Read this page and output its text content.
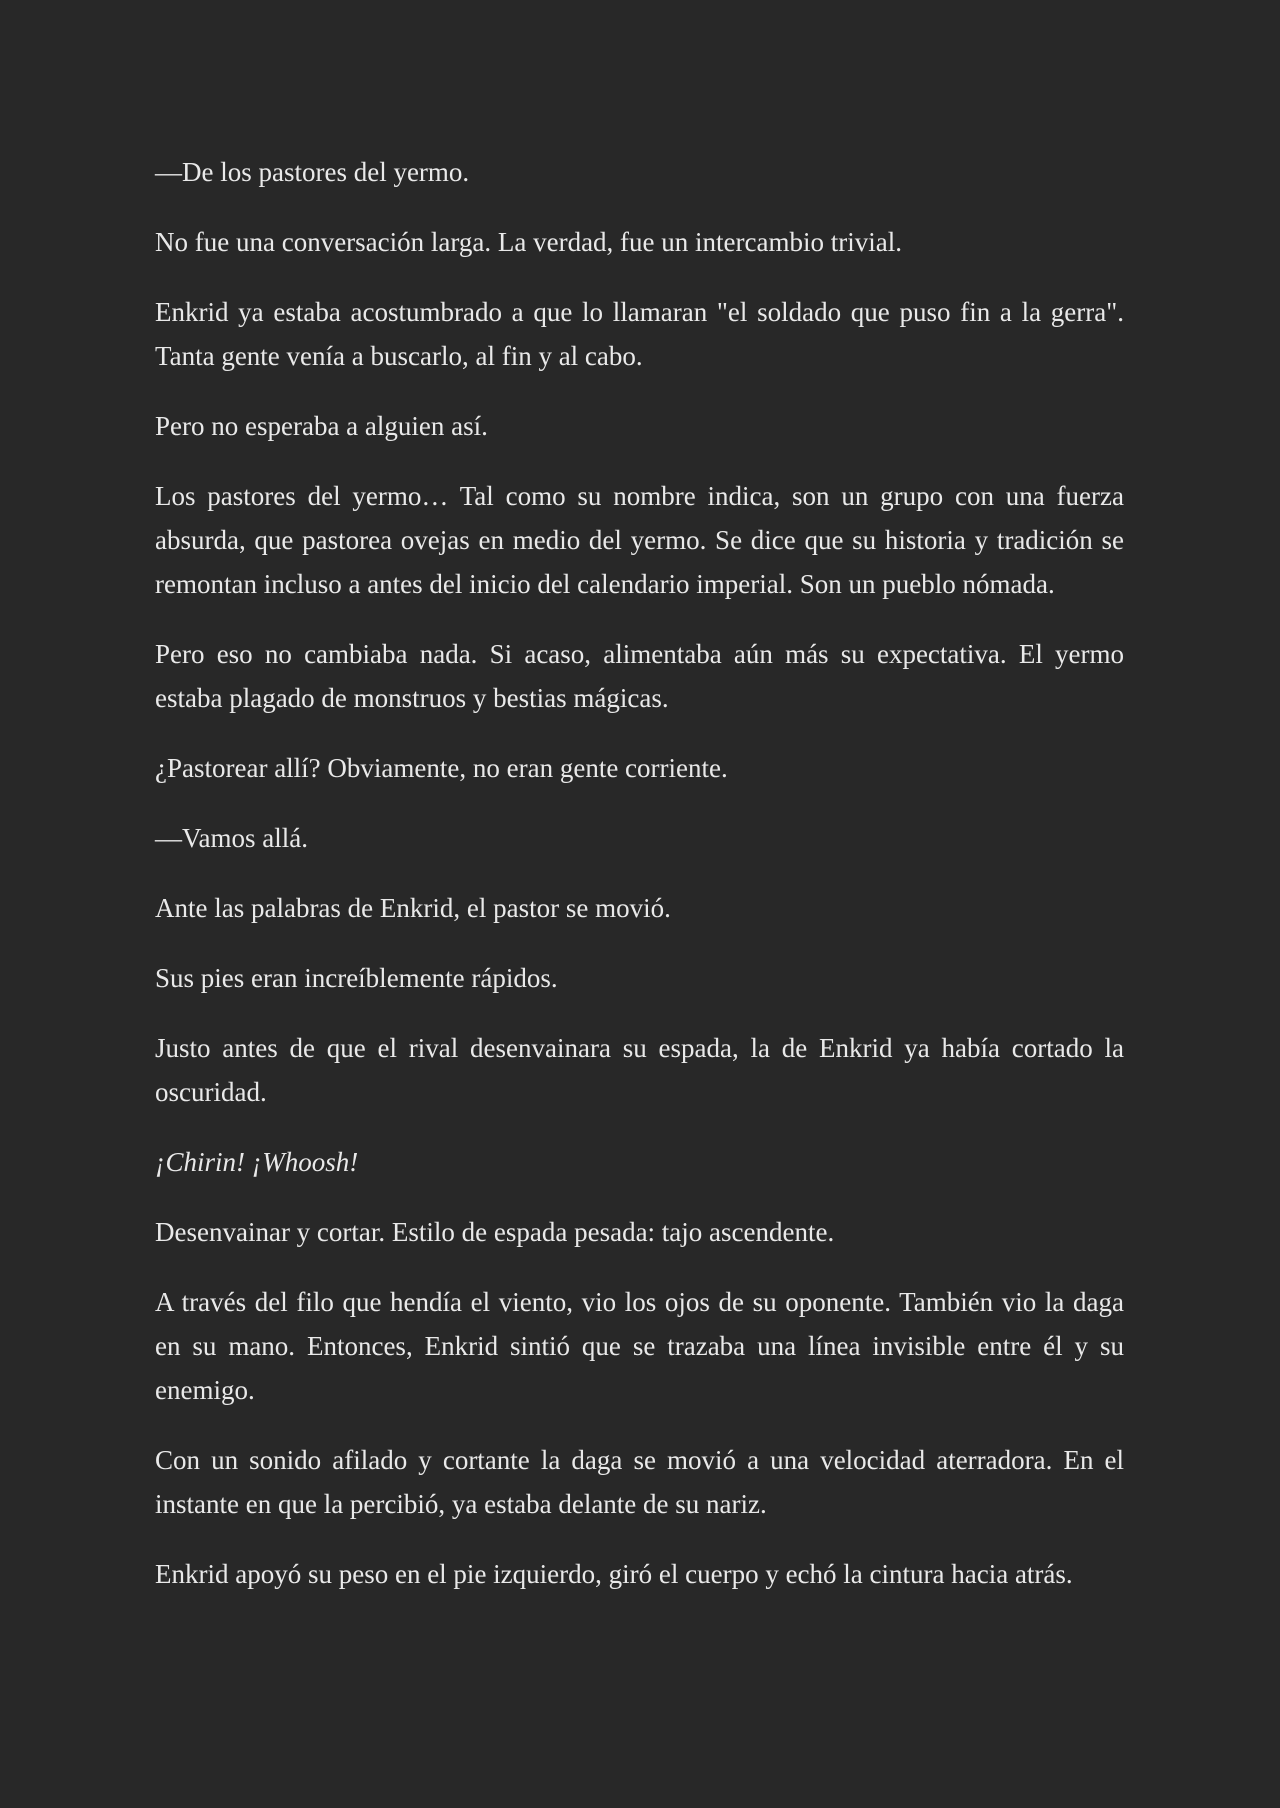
—De los pastores del yermo.

No fue una conversación larga. La verdad, fue un intercambio trivial.

Enkrid ya estaba acostumbrado a que lo llamaran "el soldado que puso fin a la gerra". Tanta gente venía a buscarlo, al fin y al cabo.

Pero no esperaba a alguien así.

Los pastores del yermo… Tal como su nombre indica, son un grupo con una fuerza absurda, que pastorea ovejas en medio del yermo. Se dice que su historia y tradición se remontan incluso a antes del inicio del calendario imperial. Son un pueblo nómada.

Pero eso no cambiaba nada. Si acaso, alimentaba aún más su expectativa. El yermo estaba plagado de monstruos y bestias mágicas.

¿Pastorear allí? Obviamente, no eran gente corriente.

—Vamos allá.

Ante las palabras de Enkrid, el pastor se movió.

Sus pies eran increíblemente rápidos.

Justo antes de que el rival desenvainara su espada, la de Enkrid ya había cortado la oscuridad.

¡Chirin! ¡Whoosh!

Desenvainar y cortar. Estilo de espada pesada: tajo ascendente.

A través del filo que hendía el viento, vio los ojos de su oponente. También vio la daga en su mano. Entonces, Enkrid sintió que se trazaba una línea invisible entre él y su enemigo.

Con un sonido afilado y cortante la daga se movió a una velocidad aterradora. En el instante en que la percibió, ya estaba delante de su nariz.

Enkrid apoyó su peso en el pie izquierdo, giró el cuerpo y echó la cintura hacia atrás.
